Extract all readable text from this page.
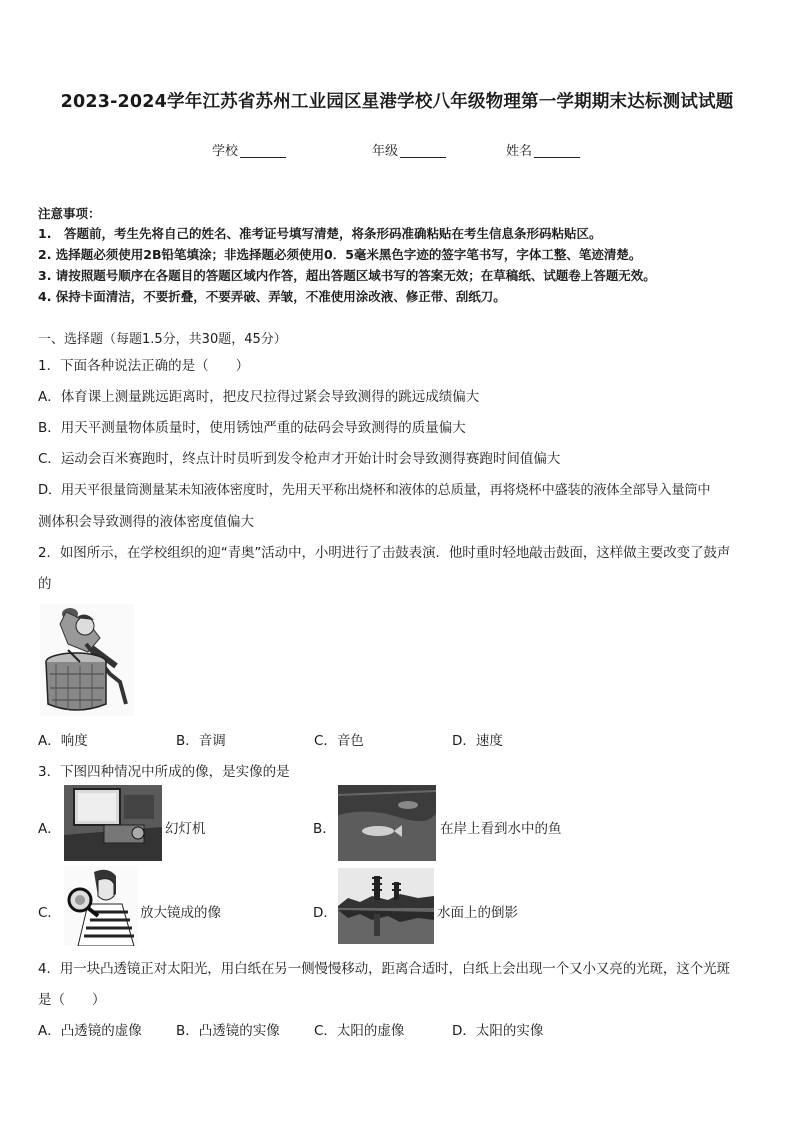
2023-2024学年江苏省苏州工业园区星港学校八年级物理第一学期期末达标测试试题
学校	年级	姓名
注意事项：
1.　答题前，考生先将自己的姓名、准考证号填写清楚，将条形码准确粘贴在考生信息条形码粘贴区。
2. 选择题必须使用2B铅笔填涂；非选择题必须使用0．5毫米黑色字迹的签字笔书写，字体工整、笔迹清楚。
3. 请按照题号顺序在各题目的答题区域内作答，超出答题区域书写的答案无效；在草稿纸、试题卷上答题无效。
4. 保持卡面清洁，不要折叠，不要弄破、弄皱，不准使用涂改液、修正带、刮纸刀。
一、选择题（每题1.5分，共30题，45分）
1．下面各种说法正确的是（　　）
A．体育课上测量跳远距离时，把皮尺拉得过紧会导致测得的跳远成绩偏大
B．用天平测量物体质量时，使用锈蚀严重的砝码会导致测得的质量偏大
C．运动会百米赛跑时，终点计时员听到发令枪声才开始计时会导致测得赛跑时间值偏大
D．用天平很量筒测量某未知液体密度时，先用天平称出烧杯和液体的总质量，再将烧杯中盛装的液体全部导入量筒中
测体积会导致测得的液体密度值偏大
2．如图所示，在学校组织的迎“青奥”活动中，小明进行了击鼓表演．他时重时轻地敲击鼓面，这样做主要改变了鼓声
的
A．响度	B．音调	C．音色	D．速度
3．下图四种情况中所成的像，是实像的是
A．	幻灯机	B．	在岸上看到水中的鱼
C．	放大镜成的像	D．	水面上的倒影
4．用一块凸透镜正对太阳光，用白纸在另一侧慢慢移动，距离合适时，白纸上会出现一个又小又亮的光斑，这个光斑
是（　　）
A．凸透镜的虚像	B．凸透镜的实像	C．太阳的虚像	D．太阳的实像
